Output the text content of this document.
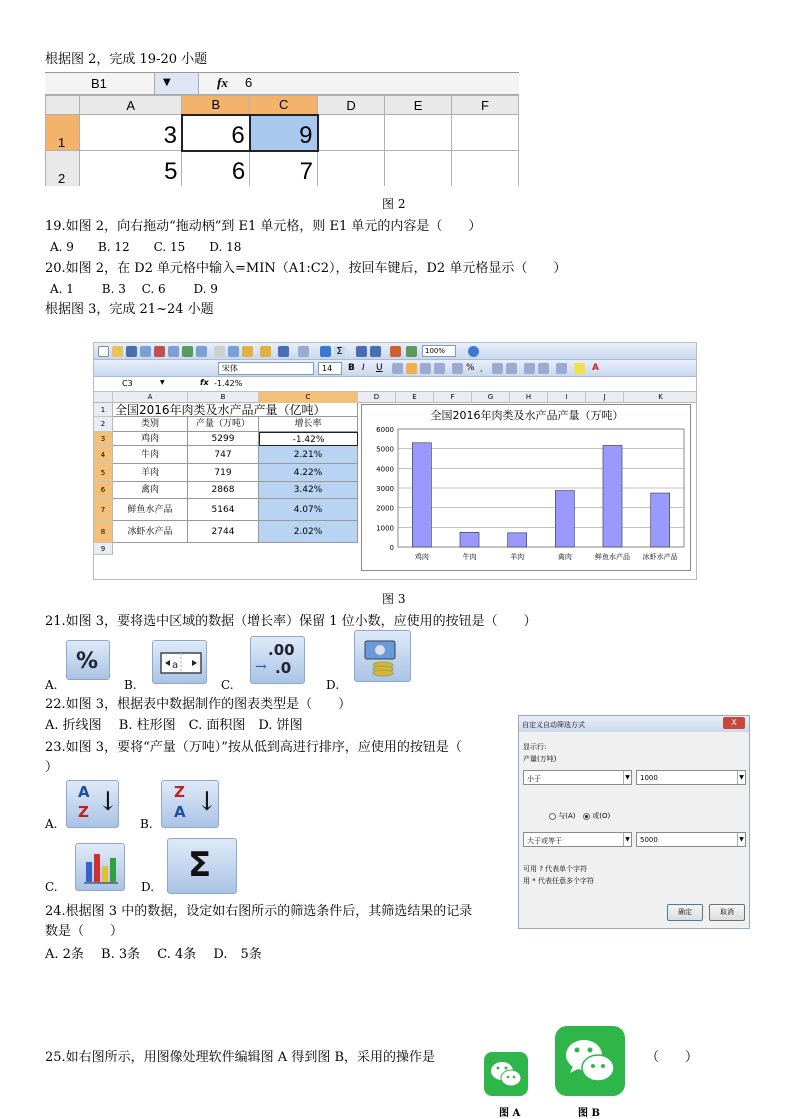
根据图 2，完成 19-20 小题
B1	▼	fx 6
	A	B	C	D	E	F
1	3	6	9			
2	5	6	7			
图 2
19.如图 2，向右拖动“拖动柄”到 E1 单元格，则 E1 单元的内容是（　　）
A. 9　　B. 12　　C. 15　　D. 18
20.如图 2，在 D2 单元格中输入=MIN（A1:C2），按回车键后，D2 单元格显示（　　）
A. 1　　 B. 3　 C. 6　　 D. 9
根据图 3，完成 21~24 小题
Σ	100%
宋体	14	B I	U	% ,	A
C3	▼	fx -1.42%
A	B	C	D	E	F	G	H	I	J	K
1
2
3
4
5
6
7
8
9
全国2016年肉类及水产品产量（亿吨）
类别	产量（万吨）	增长率
鸡肉	5299	-1.42%
牛肉	747	2.21%
羊肉	719	4.22%
禽肉	2868	3.42%
鲜鱼水产品	5164	4.07%
冰虾水产品	2744	2.02%
全国2016年肉类及水产品产量（万吨）
0
1000
2000
3000
4000
5000
6000
鸡肉	牛肉	羊肉	禽肉	鲜鱼水产品 冰虾水产品
图 3
21.如图 3，要将选中区域的数据（增长率）保留 1 位小数，应使用的按钮是（　　）
A.
%
B.
a
C.
.00
→ .0
D.
22.如图 3，根据表中数据制作的图表类型是（　　）
A. 折线图　 B. 柱形图　C. 面积图　D. 饼图
23.如图 3，要将“产量（万吨）”按从低到高进行排序，应使用的按钮是（
）
A.
A
Z ↓
B.
Z
A ↓
C.	D.
Σ
24.根据图 3 中的数据，设定如右图所示的筛选条件后，其筛选结果的记录
数是（　　）
A. 2条　 B. 3条　 C. 4条　 D.　5条
自定义自动筛选方式	X
显示行:
产量(万吨)
小于	▼	1000	▼
与(A)	或(O)
大于或等于	▼	5000	▼
可用 ? 代表单个字符
用 * 代表任意多个字符
确定	取消
25.如右图所示，用图像处理软件编辑图 A 得到图 B，采用的操作是	（　　）
图 A	图 B
